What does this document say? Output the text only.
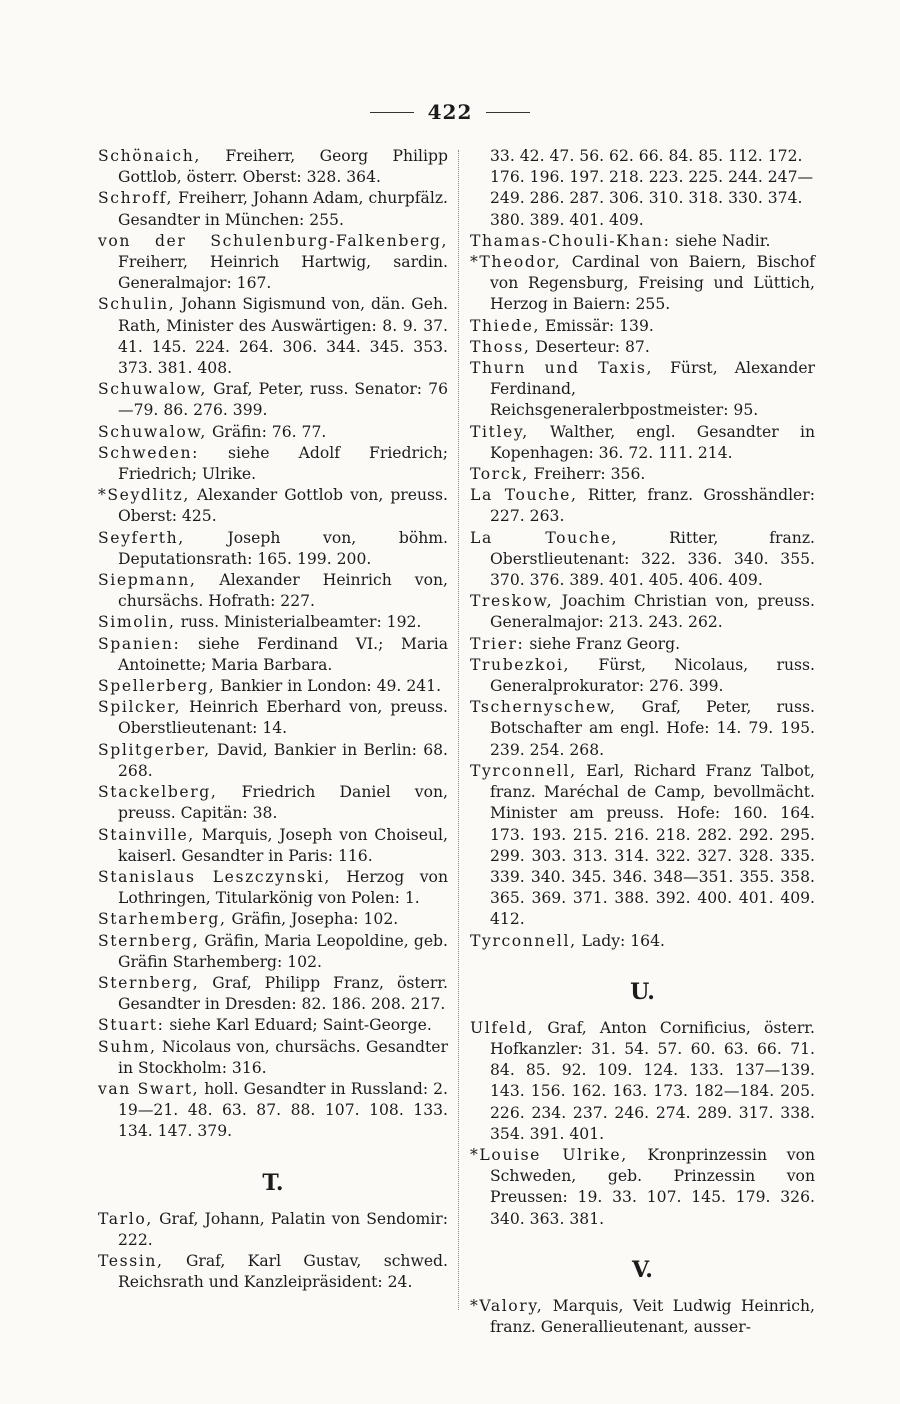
422

Schönaich, Freiherr, Georg Philipp Gottlob, österr. Oberst: 328. 364.

Schroff, Freiherr, Johann Adam, churpfälz. Gesandter in München: 255.

von der Schulenburg-Falkenberg, Freiherr, Heinrich Hartwig, sardin. Generalmajor: 167.

Schulin, Johann Sigismund von, dän. Geh. Rath, Minister des Auswärtigen: 8. 9. 37. 41. 145. 224. 264. 306. 344. 345. 353. 373. 381. 408.

Schuwalow, Graf, Peter, russ. Senator: 76—79. 86. 276. 399.

Schuwalow, Gräfin: 76. 77.

Schweden: siehe Adolf Friedrich; Friedrich; Ulrike.

*Seydlitz, Alexander Gottlob von, preuss. Oberst: 425.

Seyferth, Joseph von, böhm. Deputationsrath: 165. 199. 200.

Siepmann, Alexander Heinrich von, chursächs. Hofrath: 227.

Simolin, russ. Ministerialbeamter: 192.

Spanien: siehe Ferdinand VI.; Maria Antoinette; Maria Barbara.

Spellerberg, Bankier in London: 49. 241.

Spilcker, Heinrich Eberhard von, preuss. Oberstlieutenant: 14.

Splitgerber, David, Bankier in Berlin: 68. 268.

Stackelberg, Friedrich Daniel von, preuss. Capitän: 38.

Stainville, Marquis, Joseph von Choiseul, kaiserl. Gesandter in Paris: 116.

Stanislaus Leszczynski, Herzog von Lothringen, Titularkönig von Polen: 1.

Starhemberg, Gräfin, Josepha: 102.

Sternberg, Gräfin, Maria Leopoldine, geb. Gräfin Starhemberg: 102.

Sternberg, Graf, Philipp Franz, österr. Gesandter in Dresden: 82. 186. 208. 217.

Stuart: siehe Karl Eduard; Saint-George.

Suhm, Nicolaus von, chursächs. Gesandter in Stockholm: 316.

van Swart, holl. Gesandter in Russland: 2. 19—21. 48. 63. 87. 88. 107. 108. 133. 134. 147. 379.

T.

Tarlo, Graf, Johann, Palatin von Sendomir: 222.

Tessin, Graf, Karl Gustav, schwed. Reichsrath und Kanzleipräsident: 24.

33. 42. 47. 56. 62. 66. 84. 85. 112. 172. 176. 196. 197. 218. 223. 225. 244. 247—249. 286. 287. 306. 310. 318. 330. 374. 380. 389. 401. 409.

Thamas-Chouli-Khan: siehe Nadir.

*Theodor, Cardinal von Baiern, Bischof von Regensburg, Freising und Lüttich, Herzog in Baiern: 255.

Thiede, Emissär: 139.

Thoss, Deserteur: 87.

Thurn und Taxis, Fürst, Alexander Ferdinand, Reichsgeneralerbpostmeister: 95.

Titley, Walther, engl. Gesandter in Kopenhagen: 36. 72. 111. 214.

Torck, Freiherr: 356.

La Touche, Ritter, franz. Grosshändler: 227. 263.

La Touche, Ritter, franz. Oberstlieutenant: 322. 336. 340. 355. 370. 376. 389. 401. 405. 406. 409.

Treskow, Joachim Christian von, preuss. Generalmajor: 213. 243. 262.

Trier: siehe Franz Georg.

Trubezkoi, Fürst, Nicolaus, russ. Generalprokurator: 276. 399.

Tschernyschew, Graf, Peter, russ. Botschafter am engl. Hofe: 14. 79. 195. 239. 254. 268.

Tyrconnell, Earl, Richard Franz Talbot, franz. Maréchal de Camp, bevollmächt. Minister am preuss. Hofe: 160. 164. 173. 193. 215. 216. 218. 282. 292. 295. 299. 303. 313. 314. 322. 327. 328. 335. 339. 340. 345. 346. 348—351. 355. 358. 365. 369. 371. 388. 392. 400. 401. 409. 412.

Tyrconnell, Lady: 164.

U.

Ulfeld, Graf, Anton Cornificius, österr. Hofkanzler: 31. 54. 57. 60. 63. 66. 71. 84. 85. 92. 109. 124. 133. 137—139. 143. 156. 162. 163. 173. 182—184. 205. 226. 234. 237. 246. 274. 289. 317. 338. 354. 391. 401.

*Louise Ulrike, Kronprinzessin von Schweden, geb. Prinzessin von Preussen: 19. 33. 107. 145. 179. 326. 340. 363. 381.

V.

*Valory, Marquis, Veit Ludwig Heinrich, franz. Generallieutenant, ausser-
